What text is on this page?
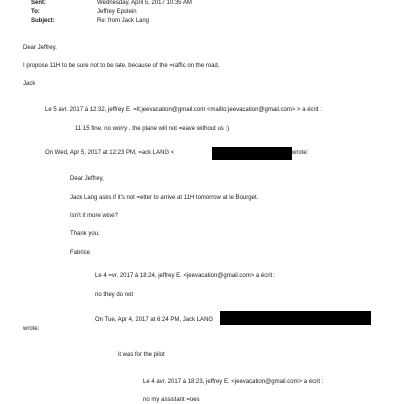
Sent:	Wednesday, April 5, 2017 10:35 AM
To:	Jeffrey Epstein
Subject:	Re: from Jack Lang
Dear Jeffrey,
I propose 11H to be sure not to be late, because of the =raffic on the road,
Jack
Le 5 avr. 2017 à 12:32, jeffrey E. =lt;jeevacation@gmail.com <mailto:jeevacation@gmail.com> > a écrit :
11 15 fine. no worry . the plane will not =eave without us :)
On Wed, Apr 5, 2017 at 12:23 PM, =ack LANG <	wrote:
Dear Jeffrey,
Jack Lang asks if it's not =etter to arrive at 11H tomorrow at le Bourget.
Isn't it more wise?
Thank you,
Fabrice
Le 4 =vr. 2017 à 18:24, jeffrey E. <jeevacation@gmail.com> a écrit :
no they do not
On Tue, Apr 4, 2017 at 6:24 PM, Jack LANG
wrote:
it was for the pilot
Le 4 avr. 2017 à 18:23, jeffrey E. <jeevacation@gmail.com> a écrit :
no my assistant =oes
